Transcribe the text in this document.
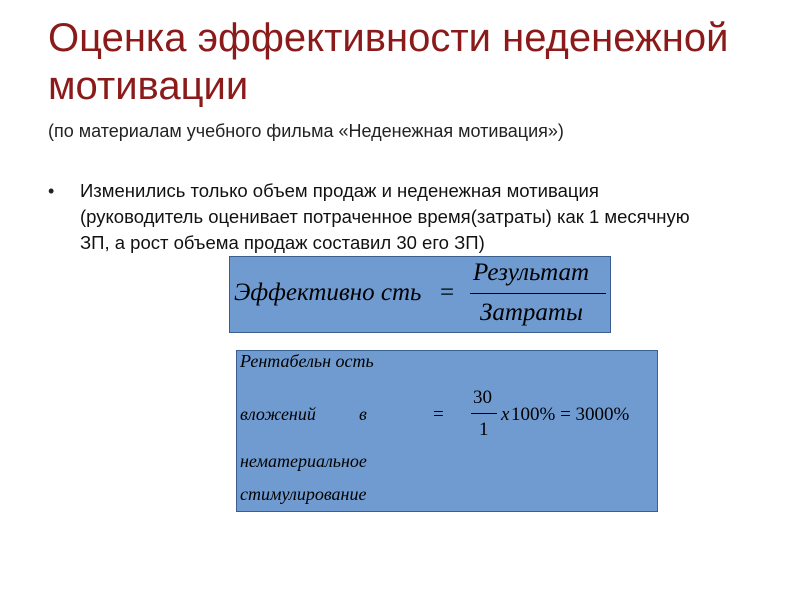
Оценка эффективности неденежной мотивации
(по материалам учебного фильма «Неденежная мотивация»)
• Изменились только объем продаж и неденежная мотивация (руководитель оценивает потраченное время(затраты) как 1 месячную ЗП, а рост объема продаж составил 30 его ЗП)
Эффективно сть =
Результат
Затраты
Рентабельн ость
вложений в	=
30
1
x 100% = 3000%
нематериальное
стимулирование
